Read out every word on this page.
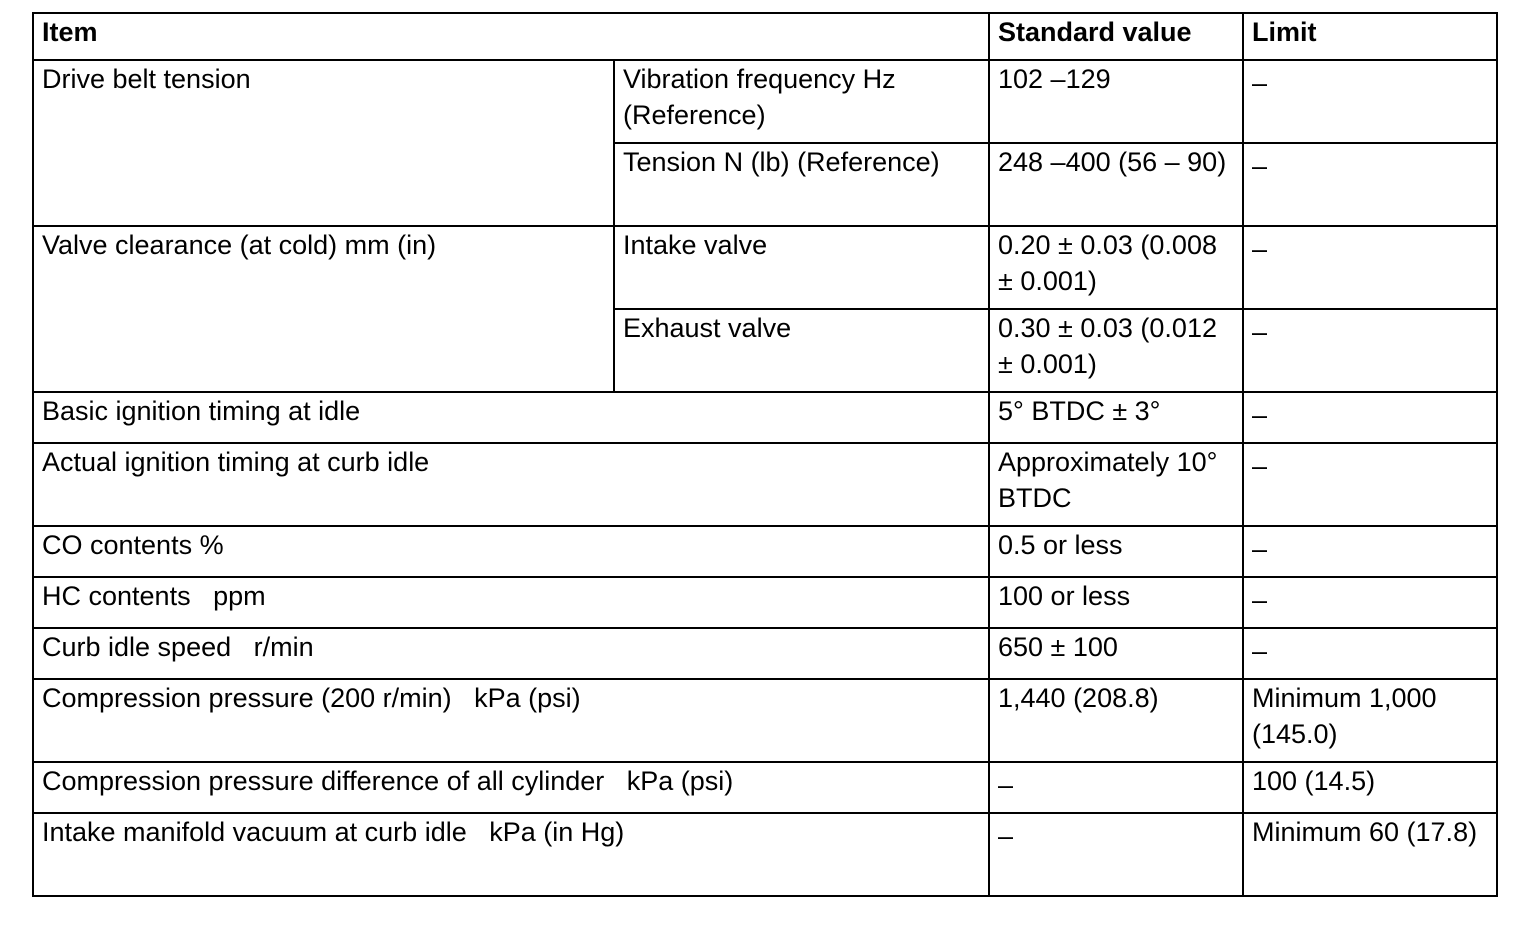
Item		Standard value	Limit
Drive belt tension	Vibration frequency Hz (Reference)	102 –129	–
	Tension N (lb) (Reference)	248 –400 (56 – 90)	–
Valve clearance (at cold) mm (in)	Intake valve	0.20 ± 0.03 (0.008 ± 0.001)	–
	Exhaust valve	0.30 ± 0.03 (0.012 ± 0.001)	–
Basic ignition timing at idle		5° BTDC ± 3°	–
Actual ignition timing at curb idle		Approximately 10°  BTDC	–
CO contents %		0.5 or less	–
HC contents   ppm		100 or less	–
Curb idle speed   r/min		650 ± 100	–
Compression pressure (200 r/min)   kPa (psi)		1,440 (208.8)	Minimum 1,000 (145.0)
Compression pressure difference of all cylinder   kPa (psi)		–	100 (14.5)
Intake manifold vacuum at curb idle   kPa (in Hg)		–	Minimum 60 (17.8)
